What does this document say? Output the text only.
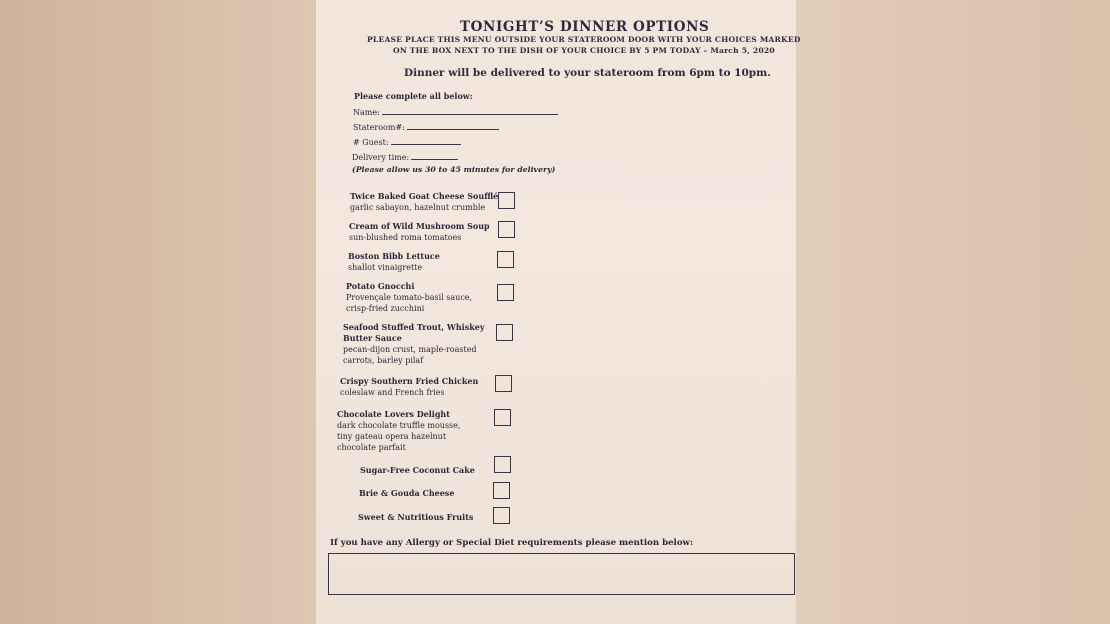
TONIGHT’S DINNER OPTIONS
PLEASE PLACE THIS MENU OUTSIDE YOUR STATEROOM DOOR WITH YOUR CHOICES MARKED
ON THE BOX NEXT TO THE DISH OF YOUR CHOICE BY 5 PM TODAY – March 5, 2020
Dinner will be delivered to your stateroom from 6pm to 10pm.
Please complete all below:
Name:
Stateroom#:
# Guest:
Delivery time:
(Please allow us 30 to 45 minutes for delivery)
Twice Baked Goat Cheese Soufflé
garlic sabayon, hazelnut crumble
Cream of Wild Mushroom Soup
sun-blushed roma tomatoes
Boston Bibb Lettuce
shallot vinaigrette
Potato Gnocchi
Provençale tomato-basil sauce,
crisp-fried zucchini
Seafood Stuffed Trout, Whiskey
Butter Sauce
pecan-dijon crust, maple-roasted
carrots, barley pilaf
Crispy Southern Fried Chicken
coleslaw and French fries
Chocolate Lovers Delight
dark chocolate truffle mousse,
tiny gateau opera hazelnut
chocolate parfait
Sugar-Free Coconut Cake
Brie & Gouda Cheese
Sweet & Nutritious Fruits
If you have any Allergy or Special Diet requirements please mention below:
